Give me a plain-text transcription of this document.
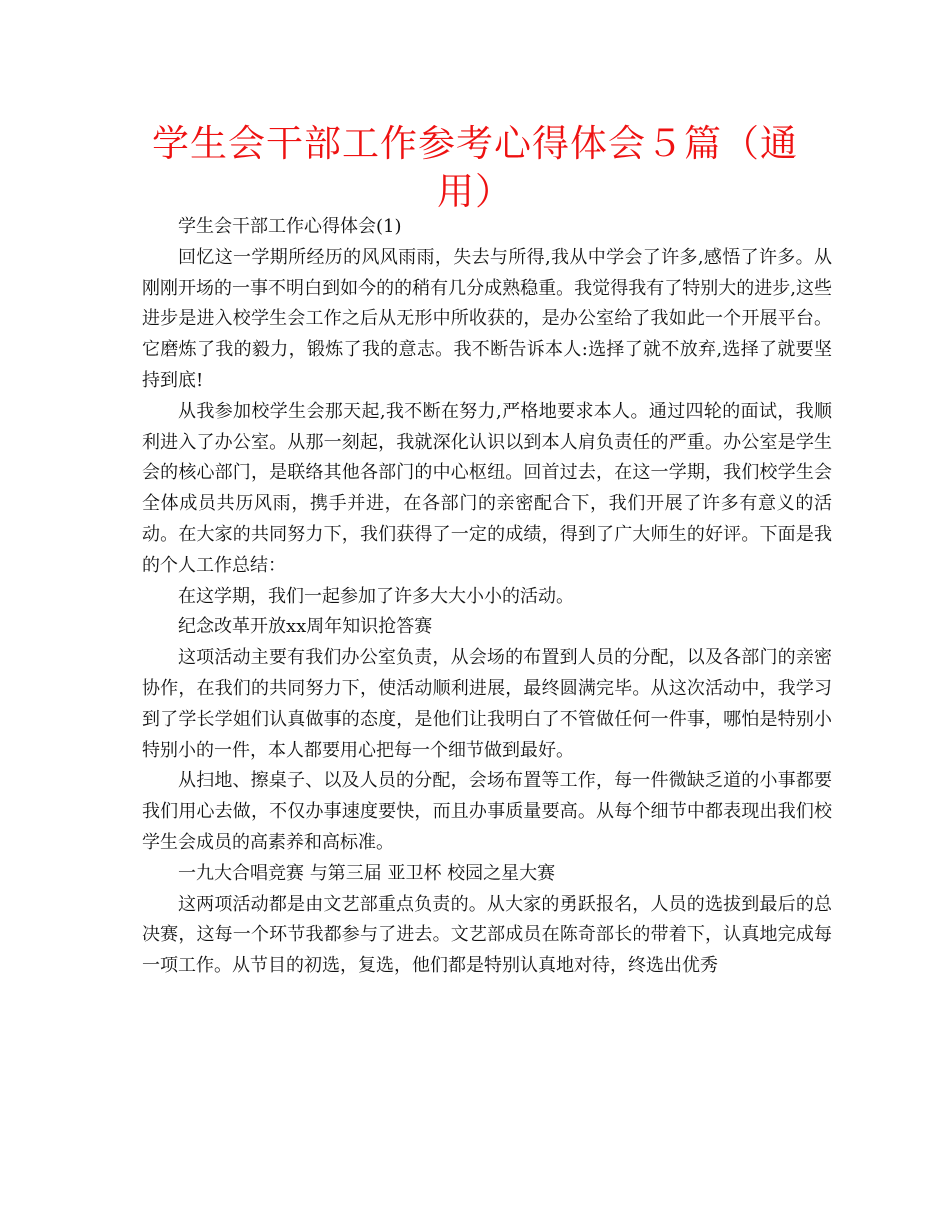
学生会干部工作参考心得体会５篇（通用）

学生会干部工作心得体会(1)

回忆这一学期所经历的风风雨雨，失去与所得,我从中学会了许多,感悟了许多。从刚刚开场的一事不明白到如今的的稍有几分成熟稳重。我觉得我有了特别大的进步,这些进步是进入校学生会工作之后从无形中所收获的，是办公室给了我如此一个开展平台。它磨炼了我的毅力，锻炼了我的意志。我不断告诉本人:选择了就不放弃,选择了就要坚持到底!

从我参加校学生会那天起,我不断在努力,严格地要求本人。通过四轮的面试，我顺利进入了办公室。从那一刻起，我就深化认识以到本人肩负责任的严重。办公室是学生会的核心部门，是联络其他各部门的中心枢纽。回首过去，在这一学期，我们校学生会全体成员共历风雨，携手并进，在各部门的亲密配合下，我们开展了许多有意义的活动。在大家的共同努力下，我们获得了一定的成绩，得到了广大师生的好评。下面是我的个人工作总结：

在这学期，我们一起参加了许多大大小小的活动。

纪念改革开放xx周年知识抢答赛

这项活动主要有我们办公室负责，从会场的布置到人员的分配，以及各部门的亲密协作，在我们的共同努力下，使活动顺利进展，最终圆满完毕。从这次活动中，我学习到了学长学姐们认真做事的态度，是他们让我明白了不管做任何一件事，哪怕是特别小特别小的一件，本人都要用心把每一个细节做到最好。

从扫地、擦桌子、以及人员的分配，会场布置等工作，每一件微缺乏道的小事都要我们用心去做，不仅办事速度要快，而且办事质量要高。从每个细节中都表现出我们校学生会成员的高素养和高标准。

一九大合唱竞赛 与第三届 亚卫杯 校园之星大赛

这两项活动都是由文艺部重点负责的。从大家的勇跃报名，人员的选拔到最后的总决赛，这每一个环节我都参与了进去。文艺部成员在陈奇部长的带着下，认真地完成每一项工作。从节目的初选，复选，他们都是特别认真地对待，终选出优秀
